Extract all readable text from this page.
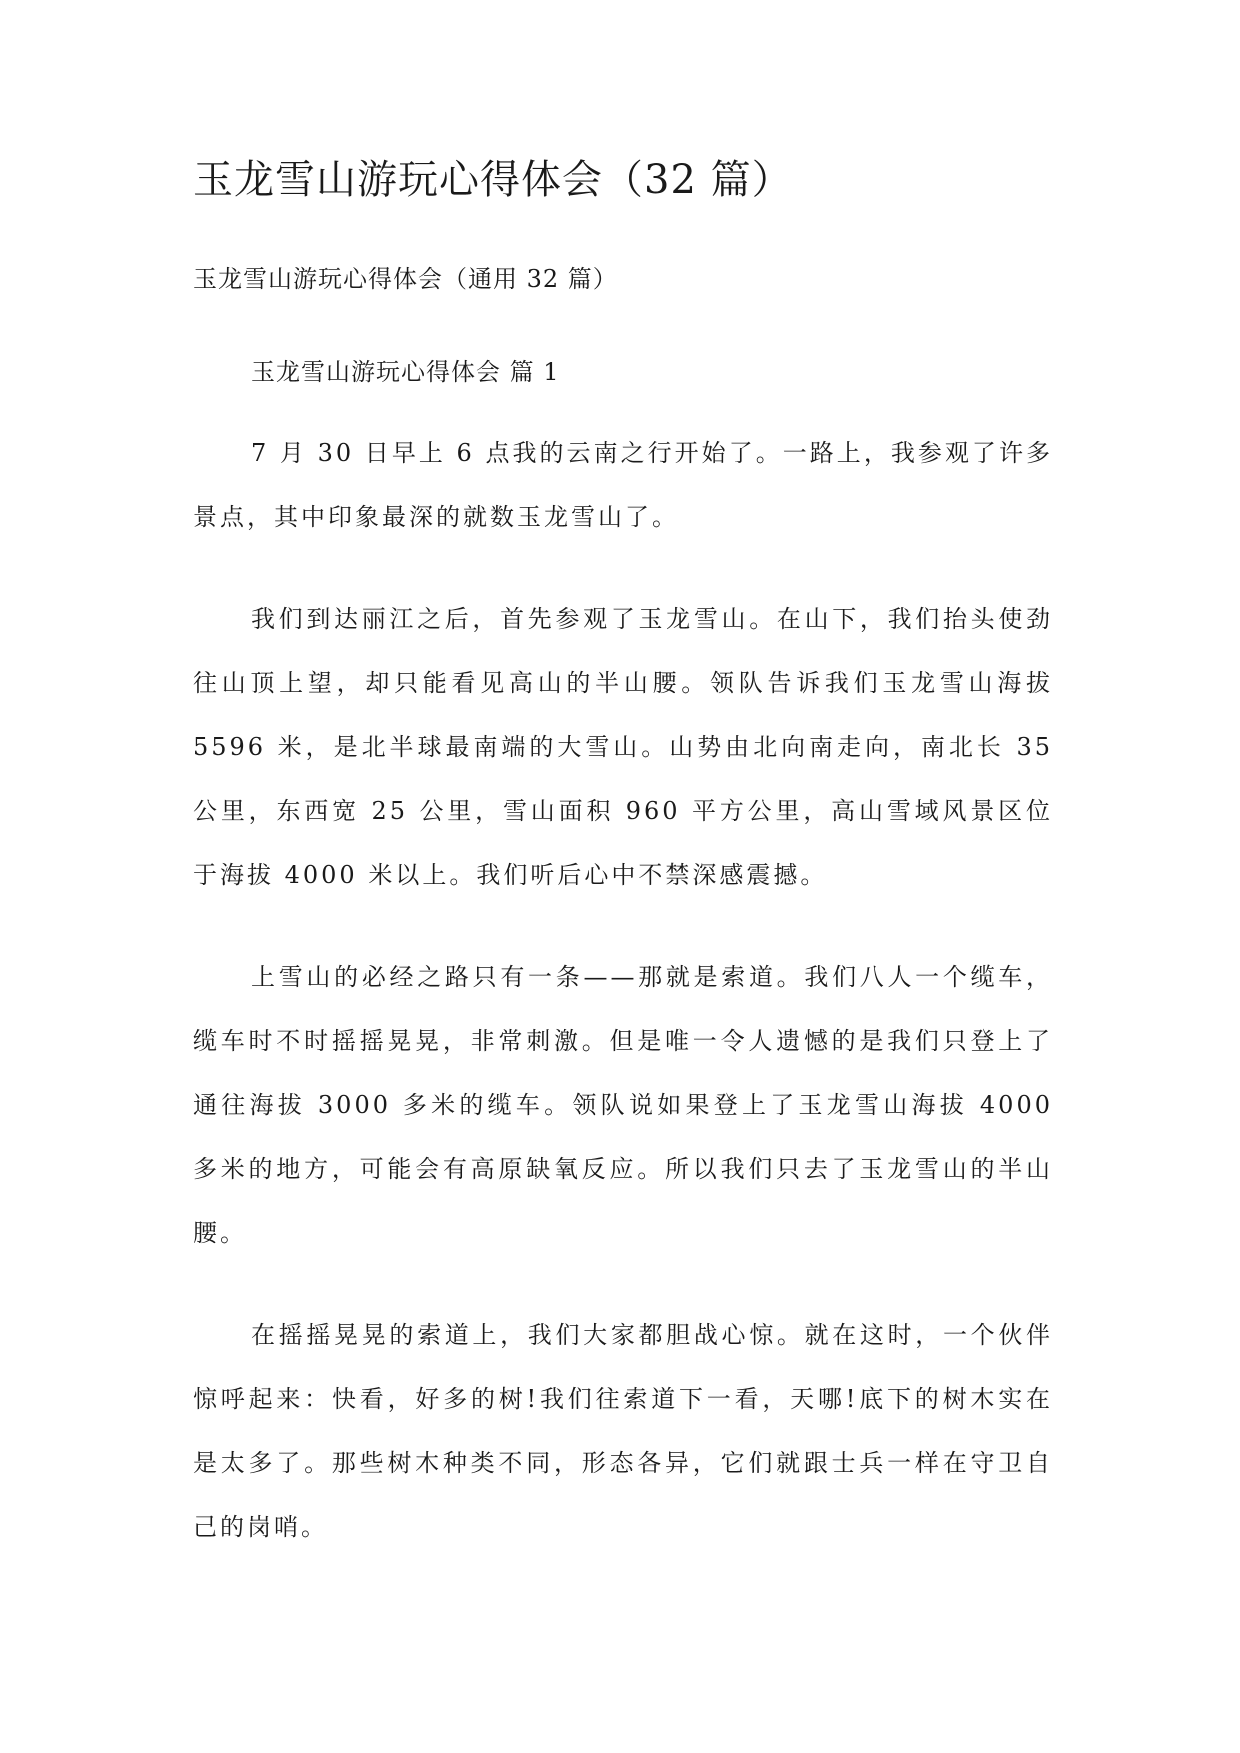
玉龙雪山游玩心得体会（32 篇）

玉龙雪山游玩心得体会（通用 32 篇）

玉龙雪山游玩心得体会 篇 1

7 月 30 日早上 6 点我的云南之行开始了。一路上，我参观了许多景点，其中印象最深的就数玉龙雪山了。

我们到达丽江之后，首先参观了玉龙雪山。在山下，我们抬头使劲往山顶上望，却只能看见高山的半山腰。领队告诉我们玉龙雪山海拔 5596 米，是北半球最南端的大雪山。山势由北向南走向，南北长 35 公里，东西宽 25 公里，雪山面积 960 平方公里，高山雪域风景区位于海拔 4000 米以上。我们听后心中不禁深感震撼。

上雪山的必经之路只有一条——那就是索道。我们八人一个缆车，缆车时不时摇摇晃晃，非常刺激。但是唯一令人遗憾的是我们只登上了通往海拔 3000 多米的缆车。领队说如果登上了玉龙雪山海拔 4000 多米的地方，可能会有高原缺氧反应。所以我们只去了玉龙雪山的半山腰。

在摇摇晃晃的索道上，我们大家都胆战心惊。就在这时，一个伙伴惊呼起来：快看，好多的树!我们往索道下一看，天哪!底下的树木实在是太多了。那些树木种类不同，形态各异，它们就跟士兵一样在守卫自己的岗哨。
